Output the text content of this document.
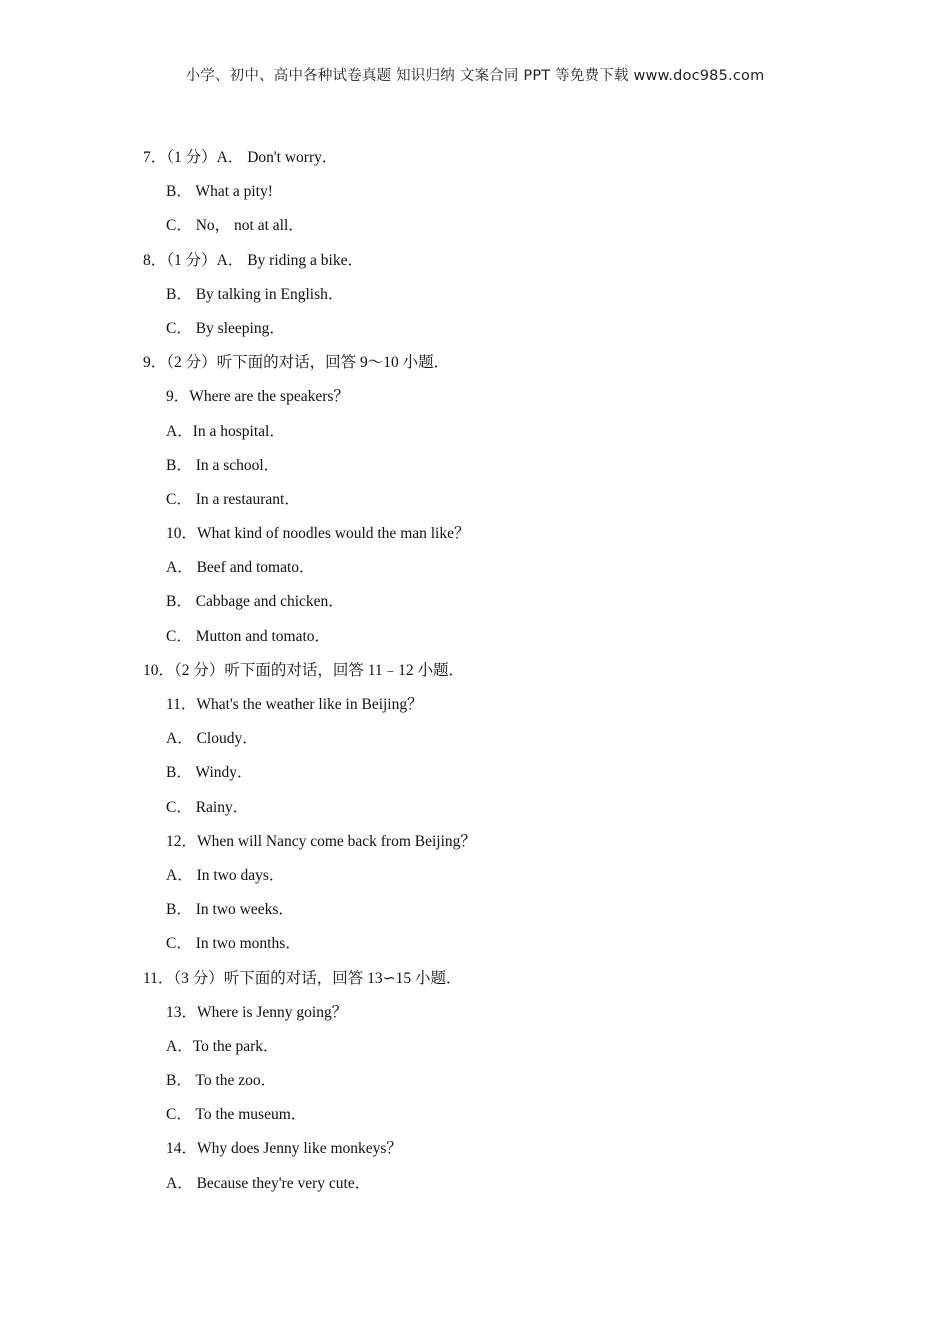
小学、初中、高中各种试卷真题 知识归纳 文案合同 PPT 等免费下载 www.doc985.com
7．（1 分）A． Don't worry．
B． What a pity!
C． No， not at all．
8．（1 分）A． By riding a bike．
B． By talking in English．
C． By sleeping．
9．（2 分）听下面的对话，回答 9～10 小题．
9．Where are the speakers？
A．In a hospital．
B． In a school．
C． In a restaurant．
10．What kind of noodles would the man like？
A． Beef and tomato．
B． Cabbage and chicken．
C． Mutton and tomato．
10．（2 分）听下面的对话，回答 11﹣12 小题．
11．What's the weather like in Beijing？
A． Cloudy．
B． Windy．
C． Rainy．
12．When will Nancy come back from Beijing？
A． In two days．
B． In two weeks．
C． In two months．
11．（3 分）听下面的对话，回答 13∽15 小题．
13．Where is Jenny going？
A．To the park．
B． To the zoo．
C． To the museum．
14．Why does Jenny like monkeys？
A． Because they're very cute．
